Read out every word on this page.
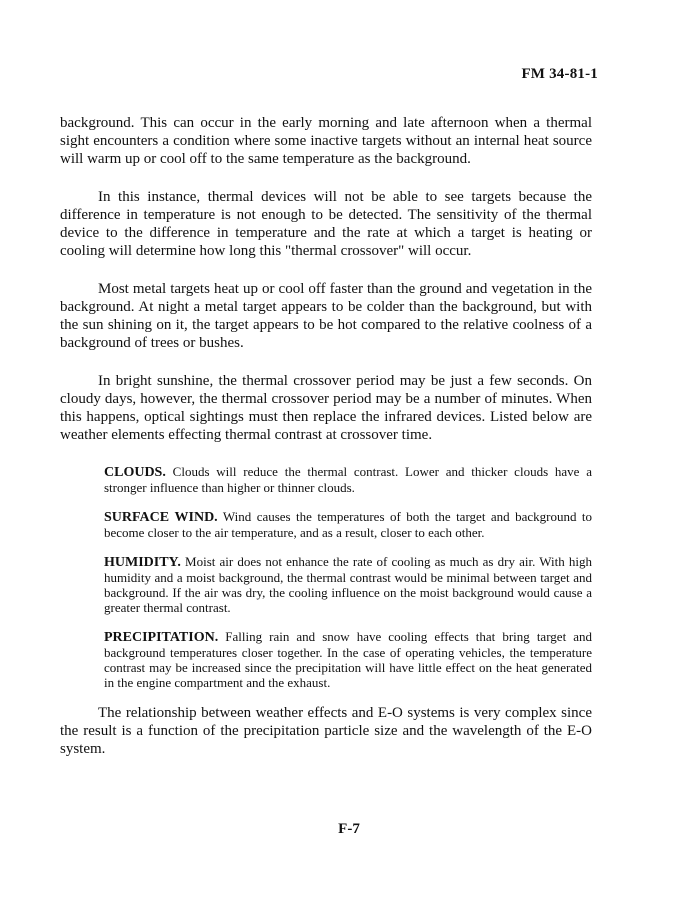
FM 34-81-1

background. This can occur in the early morning and late afternoon when a thermal sight encounters a condition where some inactive targets without an internal heat source will warm up or cool off to the same temperature as the background.

In this instance, thermal devices will not be able to see targets because the difference in temperature is not enough to be detected. The sensitivity of the thermal device to the difference in temperature and the rate at which a target is heating or cooling will determine how long this "thermal crossover" will occur.

Most metal targets heat up or cool off faster than the ground and vegetation in the background. At night a metal target appears to be colder than the background, but with the sun shining on it, the target appears to be hot compared to the relative coolness of a background of trees or bushes.

In bright sunshine, the thermal crossover period may be just a few seconds. On cloudy days, however, the thermal crossover period may be a number of minutes. When this happens, optical sightings must then replace the infrared devices. Listed below are weather elements effecting thermal contrast at crossover time.

CLOUDS. Clouds will reduce the thermal contrast. Lower and thicker clouds have a stronger influence than higher or thinner clouds.

SURFACE WIND. Wind causes the temperatures of both the target and background to become closer to the air temperature, and as a result, closer to each other.

HUMIDITY. Moist air does not enhance the rate of cooling as much as dry air. With high humidity and a moist background, the thermal contrast would be minimal between target and background. If the air was dry, the cooling influence on the moist background would cause a greater thermal contrast.

PRECIPITATION. Falling rain and snow have cooling effects that bring target and background temperatures closer together. In the case of operating vehicles, the temperature contrast may be increased since the precipitation will have little effect on the heat generated in the engine compartment and the exhaust.

The relationship between weather effects and E-O systems is very complex since the result is a function of the precipitation particle size and the wavelength of the E-O system.

F-7
